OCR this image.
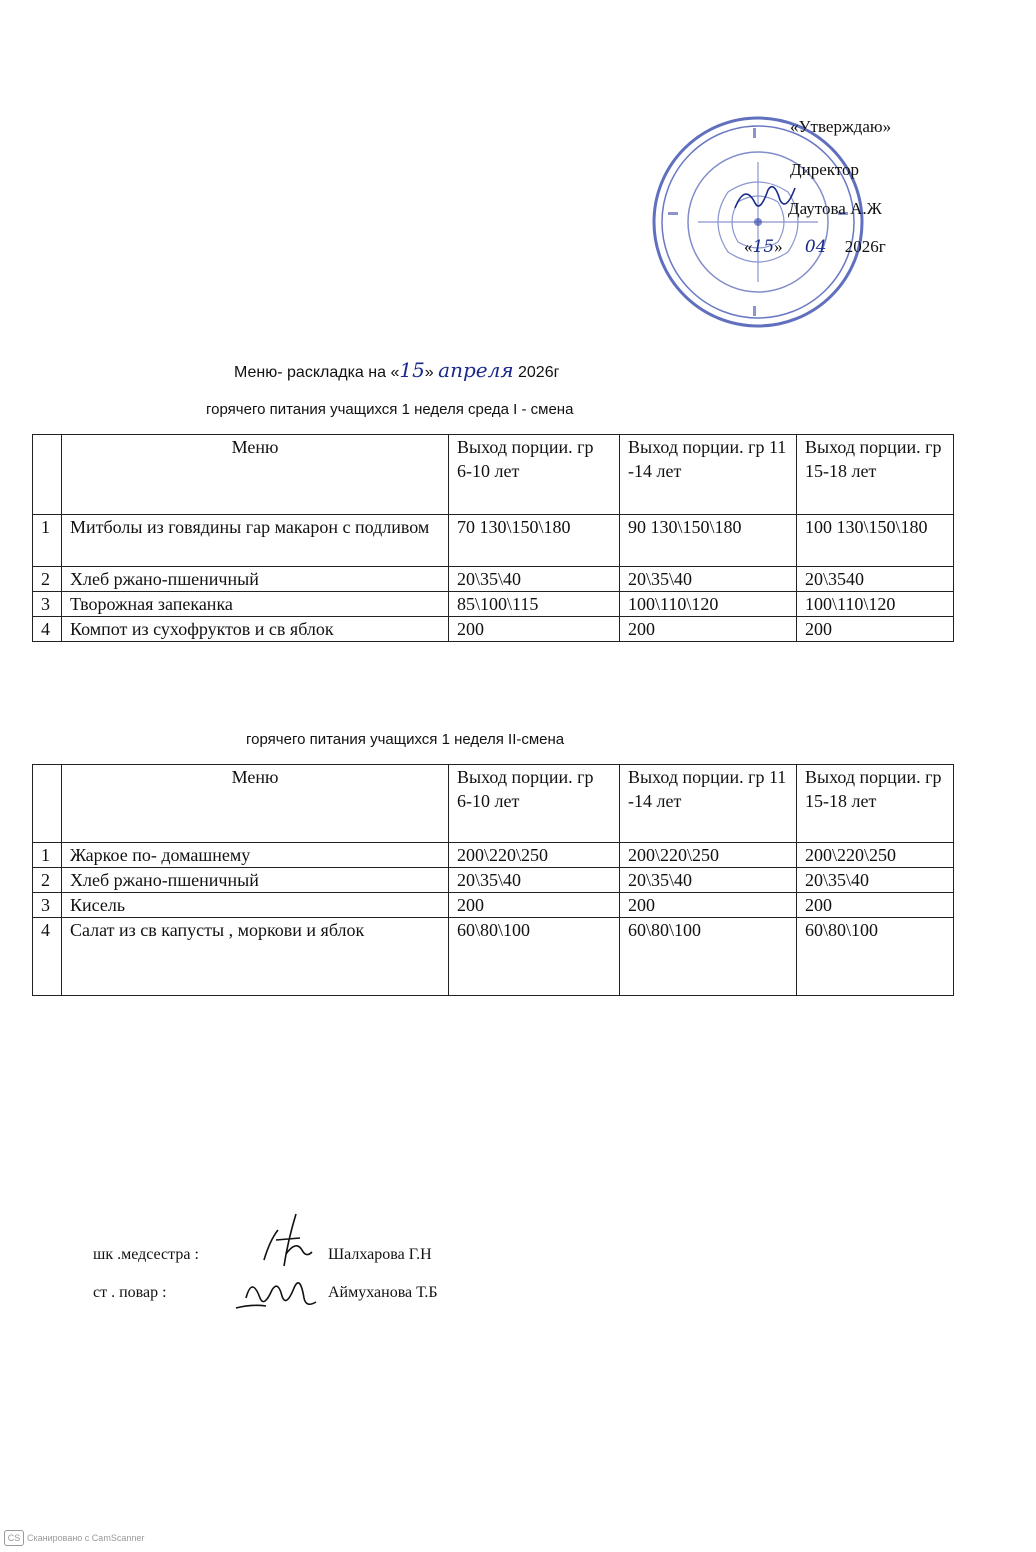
«Утверждаю»
Директор
Даутова А.Ж
«15» 04 2026г
Меню- раскладка на «15» апреля 2026г
горячего питания учащихся 1 неделя среда I - смена
	Меню	Выход порции. гр 6-10 лет	Выход порции. гр 11 -14 лет	Выход порции. гр 15-18 лет
1	Митболы из говядины гар макарон с подливом	70 130\150\180	90 130\150\180	100 130\150\180
2	Хлеб ржано-пшеничный	20\35\40	20\35\40	20\3540
3	Творожная запеканка	85\100\115	100\110\120	100\110\120
4	Компот из сухофруктов и св яблок	200	200	200
горячего питания учащихся 1 неделя II-смена
	Меню	Выход порции. гр 6-10 лет	Выход порции. гр 11 -14 лет	Выход порции. гр 15-18 лет
1	Жаркое по- домашнему	200\220\250	200\220\250	200\220\250
2	Хлеб ржано-пшеничный	20\35\40	20\35\40	20\35\40
3	Кисель	200	200	200
4	Салат из св капусты , моркови и яблок	60\80\100	60\80\100	60\80\100
шк .медсестра :	Шалхарова Г.Н
ст . повар :	Аймуханова Т.Б
CS Сканировано с CamScanner
